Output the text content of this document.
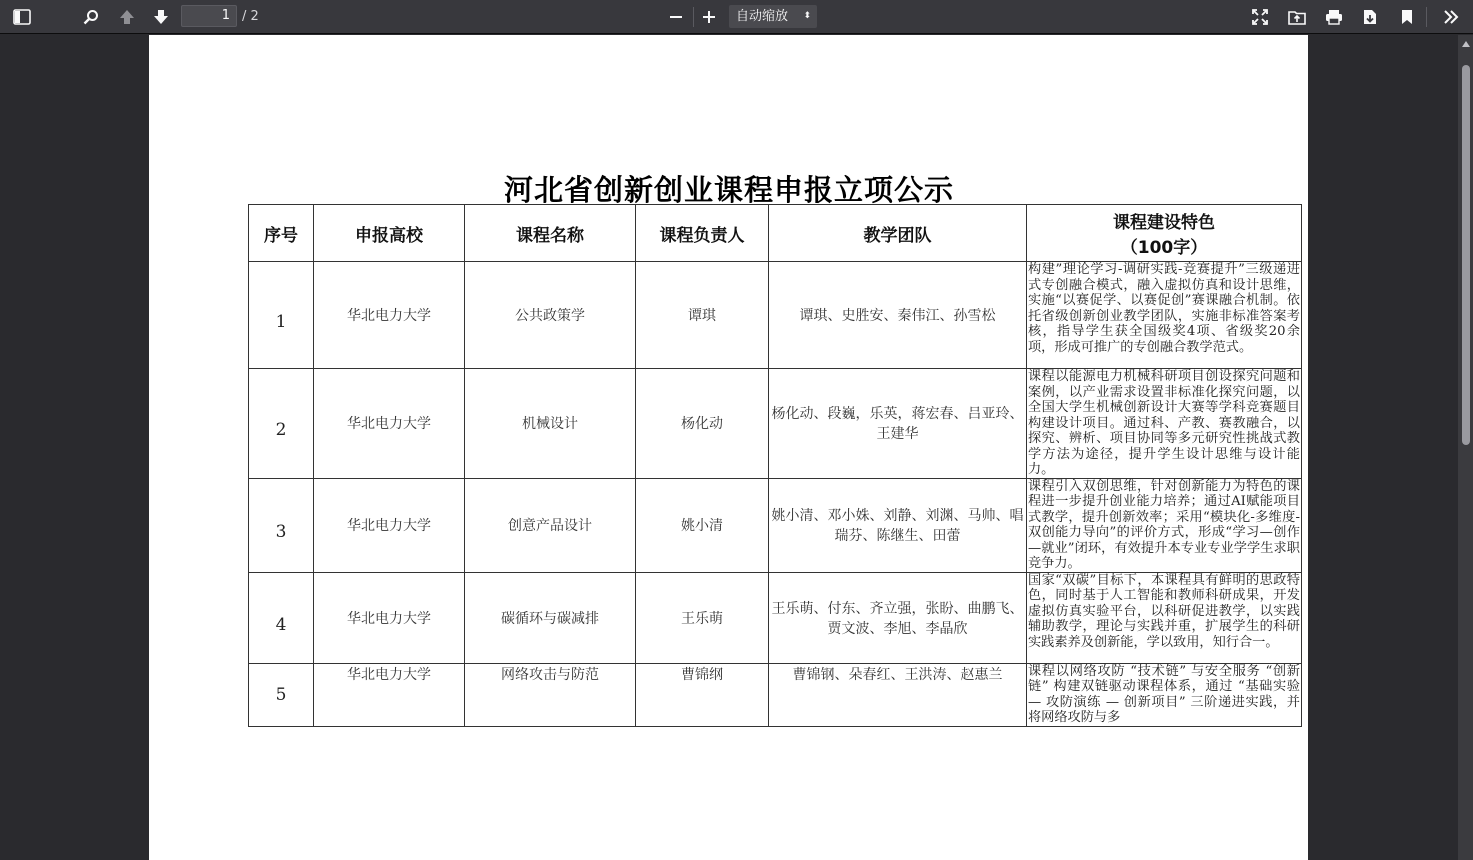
1 / 2	自动缩放 ⬍
河北省创新创业课程申报立项公示
序号	申报高校	课程名称	课程负责人	教学团队	课程建设特色
（100字）

1	华北电力大学	公共政策学	谭琪	谭琪、史胜安、秦伟江、孙雪松	构建”理论学习-调研实践-竞赛提升”三级递进式专创融合模式，融入虚拟仿真和设计思维，实施“以赛促学、以赛促创”赛课融合机制。依托省级创新创业教学团队，实施非标准答案考核，指导学生获全国级奖4项、省级奖20余项，形成可推广的专创融合教学范式。
2	华北电力大学	机械设计	杨化动	杨化动、段巍，乐英，蒋宏春、吕亚玲、王建华	课程以能源电力机械科研项目创设探究问题和案例，以产业需求设置非标准化探究问题，以全国大学生机械创新设计大赛等学科竞赛题目构建设计项目。通过科、产教、赛教融合，以探究、辨析、项目协同等多元研究性挑战式教学方法为途径，提升学生设计思维与设计能力。
3	华北电力大学	创意产品设计	姚小清	姚小清、邓小姝、刘静、刘渊、马帅、唱瑞芬、陈继生、田蕾	课程引入双创思维，针对创新能力为特色的课程进一步提升创业能力培养；通过AI赋能项目式教学，提升创新效率；采用“模块化-多维度-双创能力导向”的评价方式，形成“学习—创作—就业”闭环，有效提升本专业专业学学生求职竞争力。
4	华北电力大学	碳循环与碳减排	王乐萌	王乐萌、付东、齐立强，张盼、曲鹏飞、贾文波、李旭、李晶欣	国家“双碳”目标下，本课程具有鲜明的思政特色，同时基于人工智能和教师科研成果，开发虚拟仿真实验平台，以科研促进教学，以实践辅助教学，理论与实践并重，扩展学生的科研实践素养及创新能，学以致用，知行合一。
5	华北电力大学	网络攻击与防范	曹锦纲	曹锦钢、朵春红、王洪涛、赵惠兰	课程以网络攻防 “技术链” 与安全服务 “创新链” 构建双链驱动课程体系，通过 “基础实验 — 攻防演练 — 创新项目” 三阶递进实践，并将网络攻防与多
